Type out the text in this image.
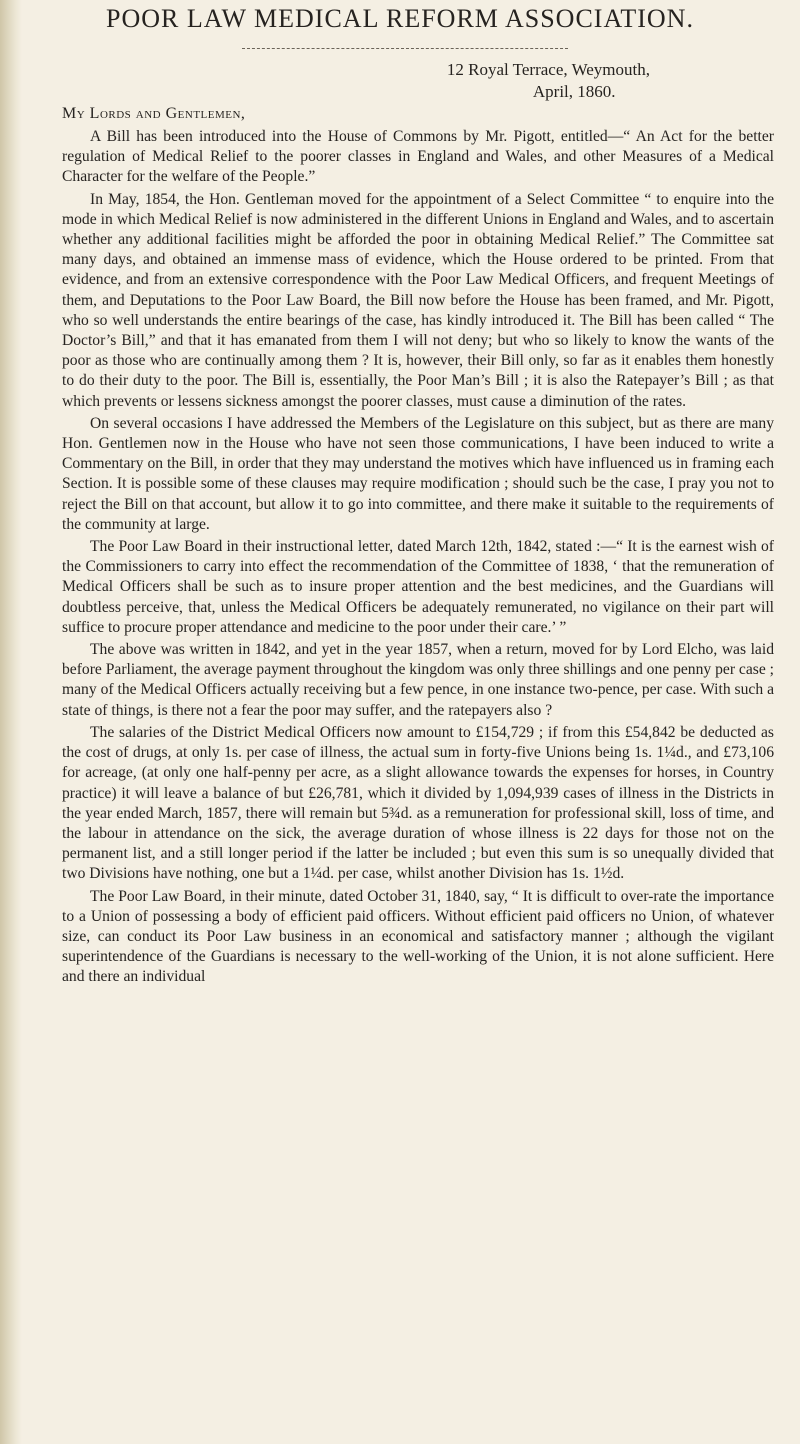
POOR LAW MEDICAL REFORM ASSOCIATION.
12 Royal Terrace, Weymouth,
April, 1860.
My Lords and Gentlemen,

A Bill has been introduced into the House of Commons by Mr. Pigott, entitled—“ An Act for the better regulation of Medical Relief to the poorer classes in England and Wales, and other Measures of a Medical Character for the welfare of the People.”

In May, 1854, the Hon. Gentleman moved for the appointment of a Select Committee “ to enquire into the mode in which Medical Relief is now administered in the different Unions in England and Wales, and to ascertain whether any additional facilities might be afforded the poor in obtaining Medical Relief.” The Committee sat many days, and obtained an immense mass of evidence, which the House ordered to be printed. From that evidence, and from an extensive correspondence with the Poor Law Medical Officers, and frequent Meetings of them, and Deputations to the Poor Law Board, the Bill now before the House has been framed, and Mr. Pigott, who so well understands the entire bearings of the case, has kindly introduced it. The Bill has been called “ The Doctor’s Bill,” and that it has emanated from them I will not deny; but who so likely to know the wants of the poor as those who are continually among them ? It is, however, their Bill only, so far as it enables them honestly to do their duty to the poor. The Bill is, essentially, the Poor Man’s Bill ; it is also the Ratepayer’s Bill ; as that which prevents or lessens sickness amongst the poorer classes, must cause a diminution of the rates.

On several occasions I have addressed the Members of the Legislature on this subject, but as there are many Hon. Gentlemen now in the House who have not seen those communications, I have been induced to write a Commentary on the Bill, in order that they may understand the motives which have influenced us in framing each Section. It is possible some of these clauses may require modification ; should such be the case, I pray you not to reject the Bill on that account, but allow it to go into committee, and there make it suitable to the requirements of the community at large.

The Poor Law Board in their instructional letter, dated March 12th, 1842, stated :—“ It is the earnest wish of the Commissioners to carry into effect the recommendation of the Committee of 1838, ‘ that the remuneration of Medical Officers shall be such as to insure proper attention and the best medicines, and the Guardians will doubtless perceive, that, unless the Medical Officers be adequately remunerated, no vigilance on their part will suffice to procure proper attendance and medicine to the poor under their care.’ ”

The above was written in 1842, and yet in the year 1857, when a return, moved for by Lord Elcho, was laid before Parliament, the average payment throughout the kingdom was only three shillings and one penny per case ; many of the Medical Officers actually receiving but a few pence, in one instance two-pence, per case. With such a state of things, is there not a fear the poor may suffer, and the ratepayers also ?

The salaries of the District Medical Officers now amount to £154,729 ; if from this £54,842 be deducted as the cost of drugs, at only 1s. per case of illness, the actual sum in forty-five Unions being 1s. 1¼d., and £73,106 for acreage, (at only one half-penny per acre, as a slight allowance towards the expenses for horses, in Country practice) it will leave a balance of but £26,781, which it divided by 1,094,939 cases of illness in the Districts in the year ended March, 1857, there will remain but 5¾d. as a remuneration for professional skill, loss of time, and the labour in attendance on the sick, the average duration of whose illness is 22 days for those not on the permanent list, and a still longer period if the latter be included ; but even this sum is so unequally divided that two Divisions have nothing, one but a 1¼d. per case, whilst another Division has 1s. 1½d.

The Poor Law Board, in their minute, dated October 31, 1840, say, “ It is difficult to over-rate the importance to a Union of possessing a body of efficient paid officers. Without efficient paid officers no Union, of whatever size, can conduct its Poor Law business in an economical and satisfactory manner ; although the vigilant superintendence of the Guardians is necessary to the well-working of the Union, it is not alone sufficient. Here and there an individual
